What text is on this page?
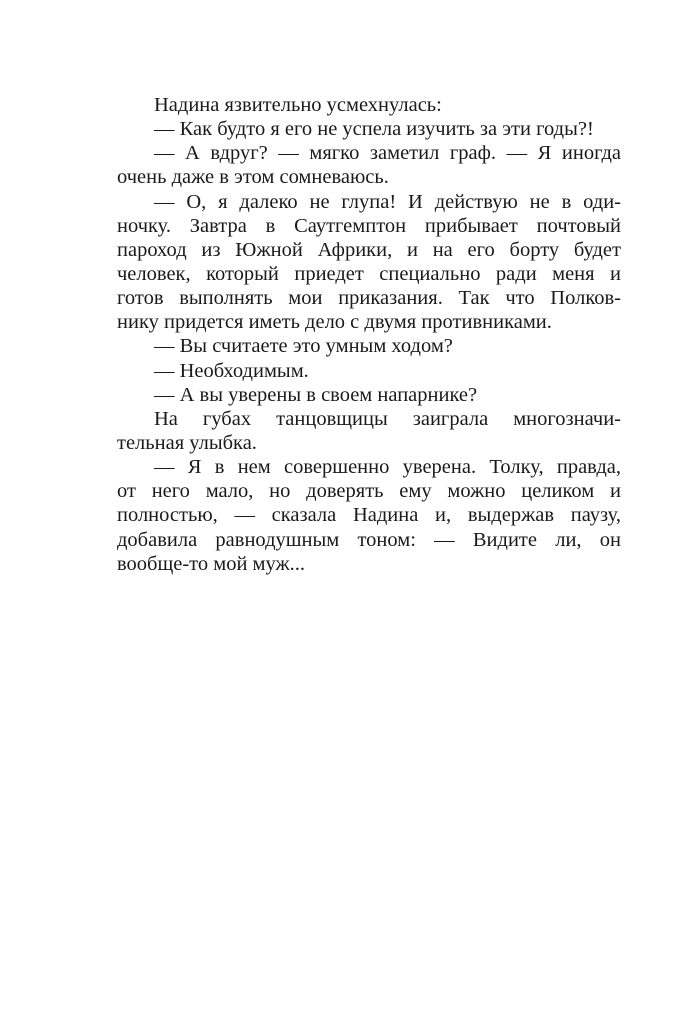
Надина язвительно усмехнулась:
— Как будто я его не успела изучить за эти годы?!
— А вдруг? — мягко заметил граф. — Я иногда
очень даже в этом сомневаюсь.
— О, я далеко не глупа! И действую не в оди-
ночку. Завтра в Саутгемптон прибывает почтовый
пароход из Южной Африки, и на его борту будет
человек, который приедет специально ради меня и
готов выполнять мои приказания. Так что Полков-
нику придется иметь дело с двумя противниками.
— Вы считаете это умным ходом?
— Необходимым.
— А вы уверены в своем напарнике?
На губах танцовщицы заиграла многозначи-
тельная улыбка.
— Я в нем совершенно уверена. Толку, правда,
от него мало, но доверять ему можно целиком и
полностью, — сказала Надина и, выдержав паузу,
добавила равнодушным тоном: — Видите ли, он
вообще-то мой муж...
